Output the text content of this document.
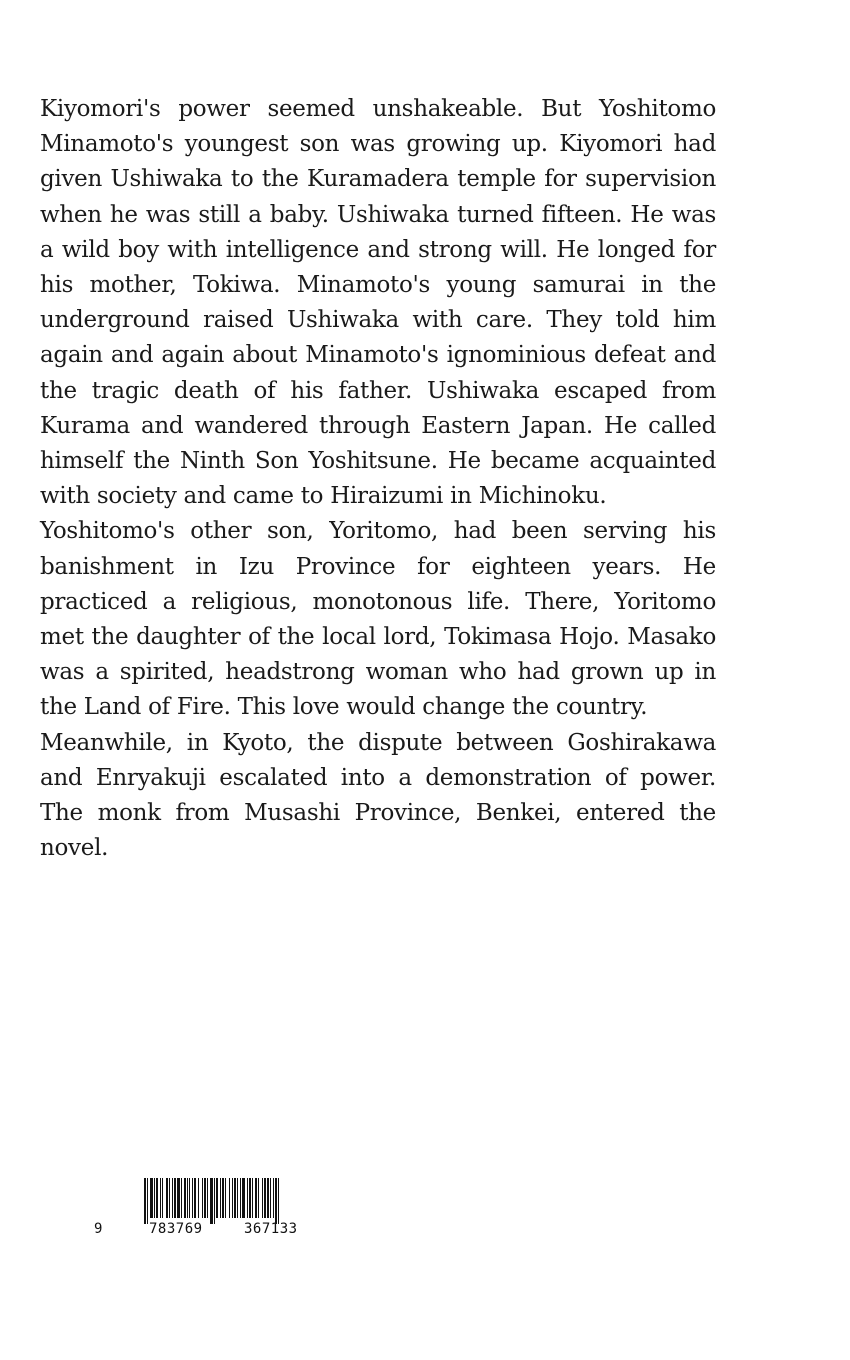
Kiyomori's power seemed unshakeable. But Yoshitomo Minamoto's youngest son was growing up. Kiyomori had given Ushiwaka to the Kuramadera temple for supervision when he was still a baby. Ushiwaka turned fifteen. He was a wild boy with intelligence and strong will. He longed for his mother, Tokiwa. Minamoto's young samurai in the underground raised Ushiwaka with care. They told him again and again about Minamoto's ignominious defeat and the tragic death of his father. Ushiwaka escaped from Kurama and wandered through Eastern Japan. He called himself the Ninth Son Yoshitsune. He became acquainted with society and came to Hiraizumi in Michinoku.

Yoshitomo's other son, Yoritomo, had been serving his banishment in Izu Province for eighteen years. He practiced a religious, monotonous life. There, Yoritomo met the daughter of the local lord, Tokimasa Hojo. Masako was a spirited, headstrong woman who had grown up in the Land of Fire. This love would change the country.

Meanwhile, in Kyoto, the dispute between Goshirakawa and Enryakuji escalated into a demonstration of power. The monk from Musashi Province, Benkei, entered the novel.

9	783769	367133
